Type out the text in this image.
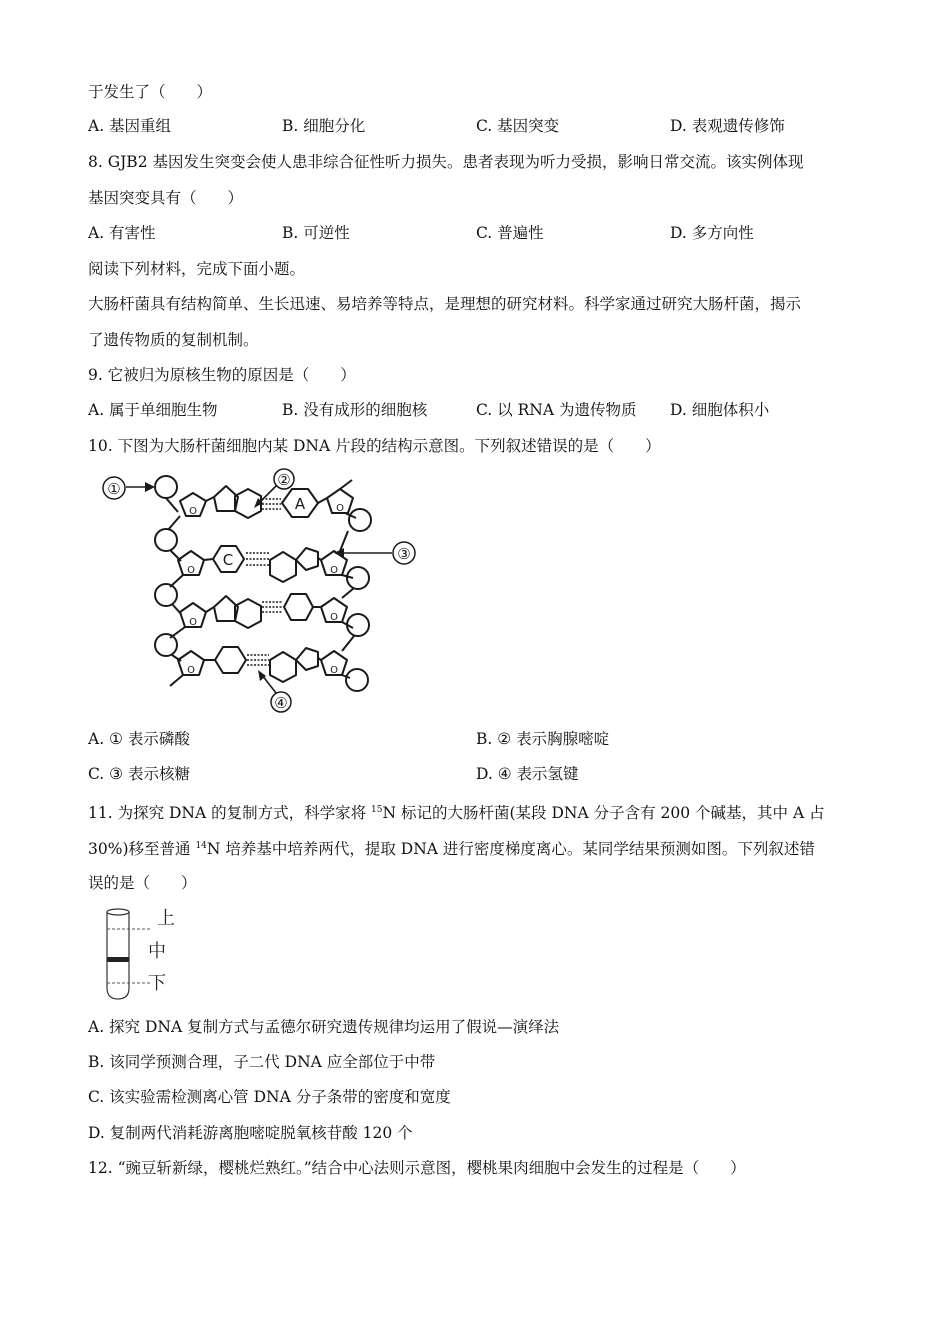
于发生了（　　）
A. 基因重组	B. 细胞分化	C. 基因突变	D. 表观遗传修饰
8. GJB2 基因发生突变会使人患非综合征性听力损失。患者表现为听力受损，影响日常交流。该实例体现
基因突变具有（　　）
A. 有害性	B. 可逆性	C. 普遍性	D. 多方向性
阅读下列材料，完成下面小题。
大肠杆菌具有结构简单、生长迅速、易培养等特点，是理想的研究材料。科学家通过研究大肠杆菌，揭示
了遗传物质的复制机制。
9. 它被归为原核生物的原因是（　　）
A. 属于单细胞生物	B. 没有成形的细胞核	C. 以 RNA 为遗传物质 D. 细胞体积小
10. 下图为大肠杆菌细胞内某 DNA 片段的结构示意图。下列叙述错误的是（　　）
O	O
O	O
O	O
O	O
A
C
①	②
③
④
A. ① 表示磷酸	B. ② 表示胸腺嘧啶
C. ③ 表示核糖	D. ④ 表示氢键
11. 为探究 DNA 的复制方式，科学家将 $^{15}$N 标记的大肠杆菌(某段 DNA 分子含有 200 个碱基，其中 A 占
30%)移至普通 $^{14}$N 培养基中培养两代，提取 DNA 进行密度梯度离心。某同学结果预测如图。下列叙述错
误的是（　　）
上
中
下
A. 探究 DNA 复制方式与孟德尔研究遗传规律均运用了假说—演绎法
B. 该同学预测合理，子二代 DNA 应全部位于中带
C. 该实验需检测离心管 DNA 分子条带的密度和宽度
D. 复制两代消耗游离胞嘧啶脱氧核苷酸 120 个
12. “豌豆斩新绿，樱桃烂熟红。”结合中心法则示意图，樱桃果肉细胞中会发生的过程是（　　）
